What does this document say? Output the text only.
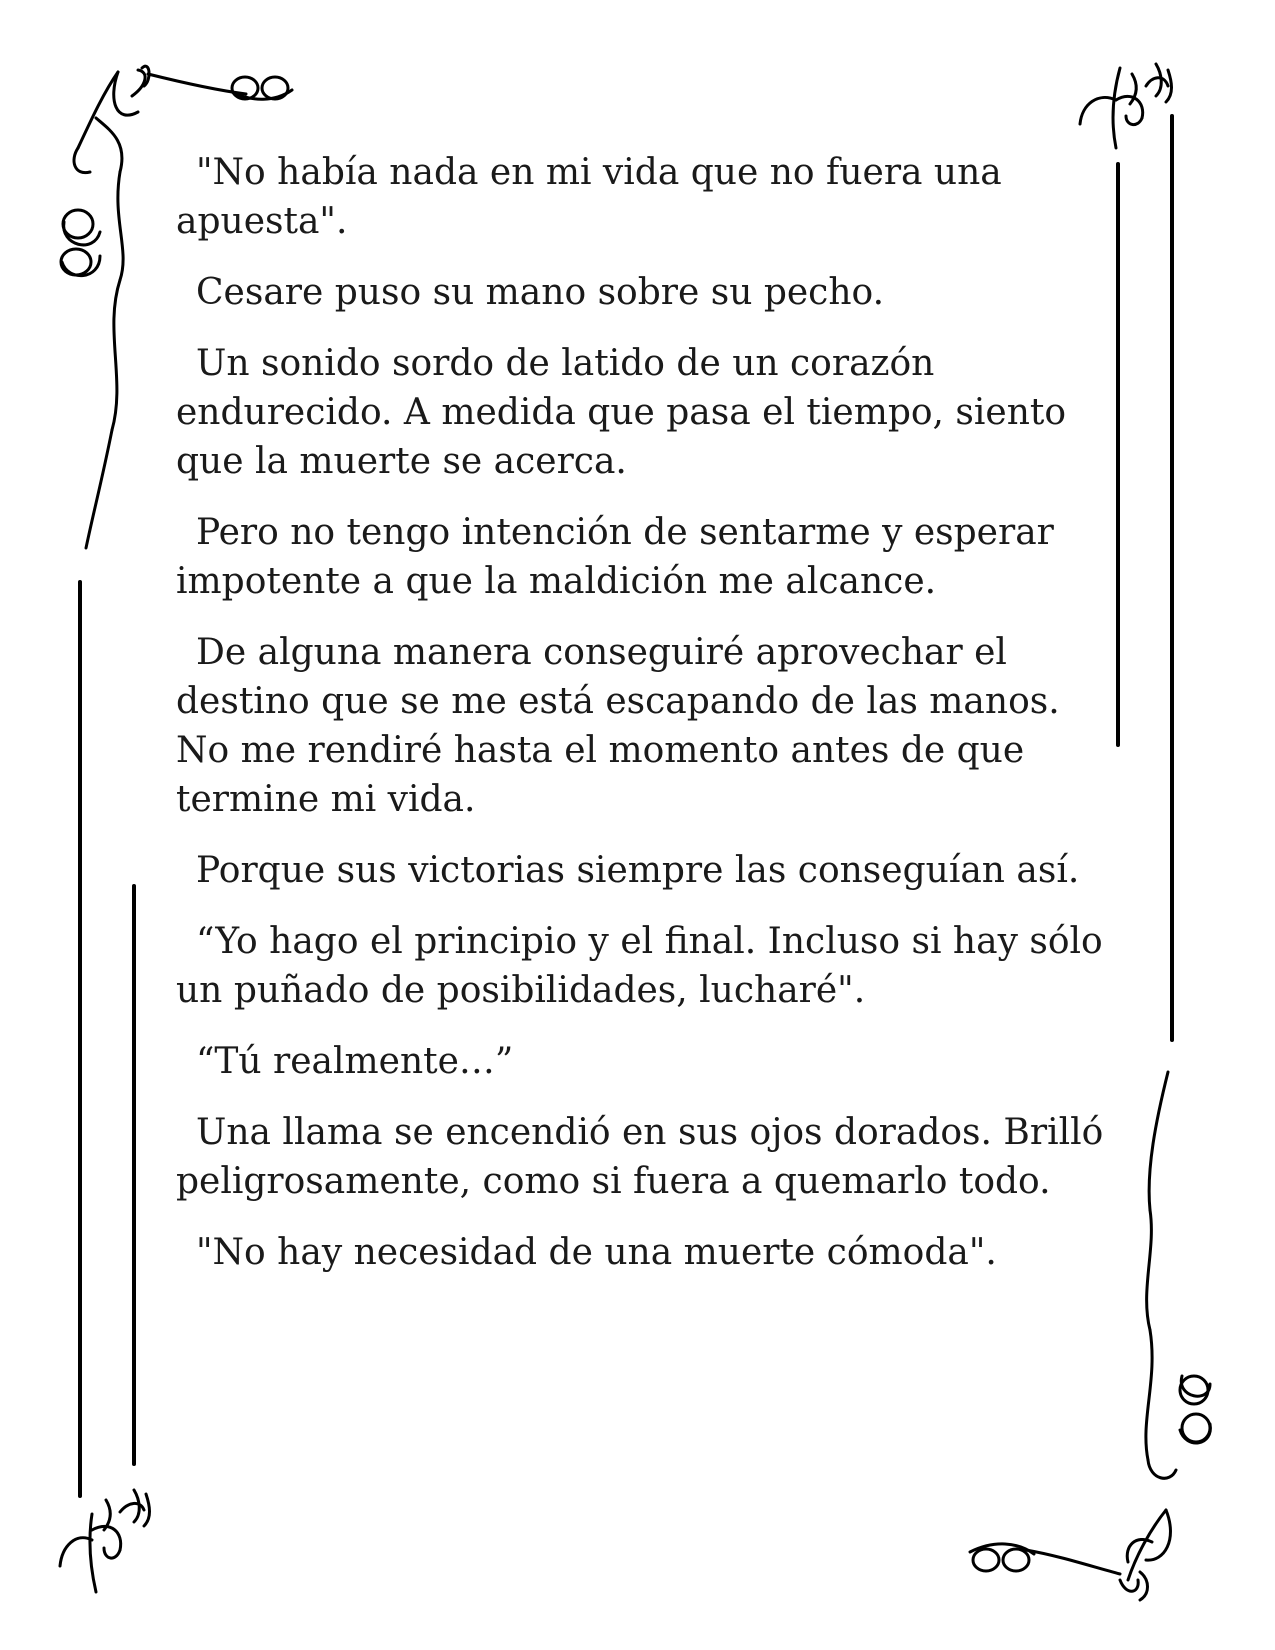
"No había nada en mi vida que no fuera una apuesta".

Cesare puso su mano sobre su pecho.

Un sonido sordo de latido de un corazón endurecido. A medida que pasa el tiempo, siento que la muerte se acerca.

Pero no tengo intención de sentarme y esperar impotente a que la maldición me alcance.

De alguna manera conseguiré aprovechar el destino que se me está escapando de las manos. No me rendiré hasta el momento antes de que termine mi vida.

Porque sus victorias siempre las conseguían así.

“Yo hago el principio y el final. Incluso si hay sólo un puñado de posibilidades, lucharé".

“Tú realmente…”

Una llama se encendió en sus ojos dorados. Brilló peligrosamente, como si fuera a quemarlo todo.

"No hay necesidad de una muerte cómoda".
